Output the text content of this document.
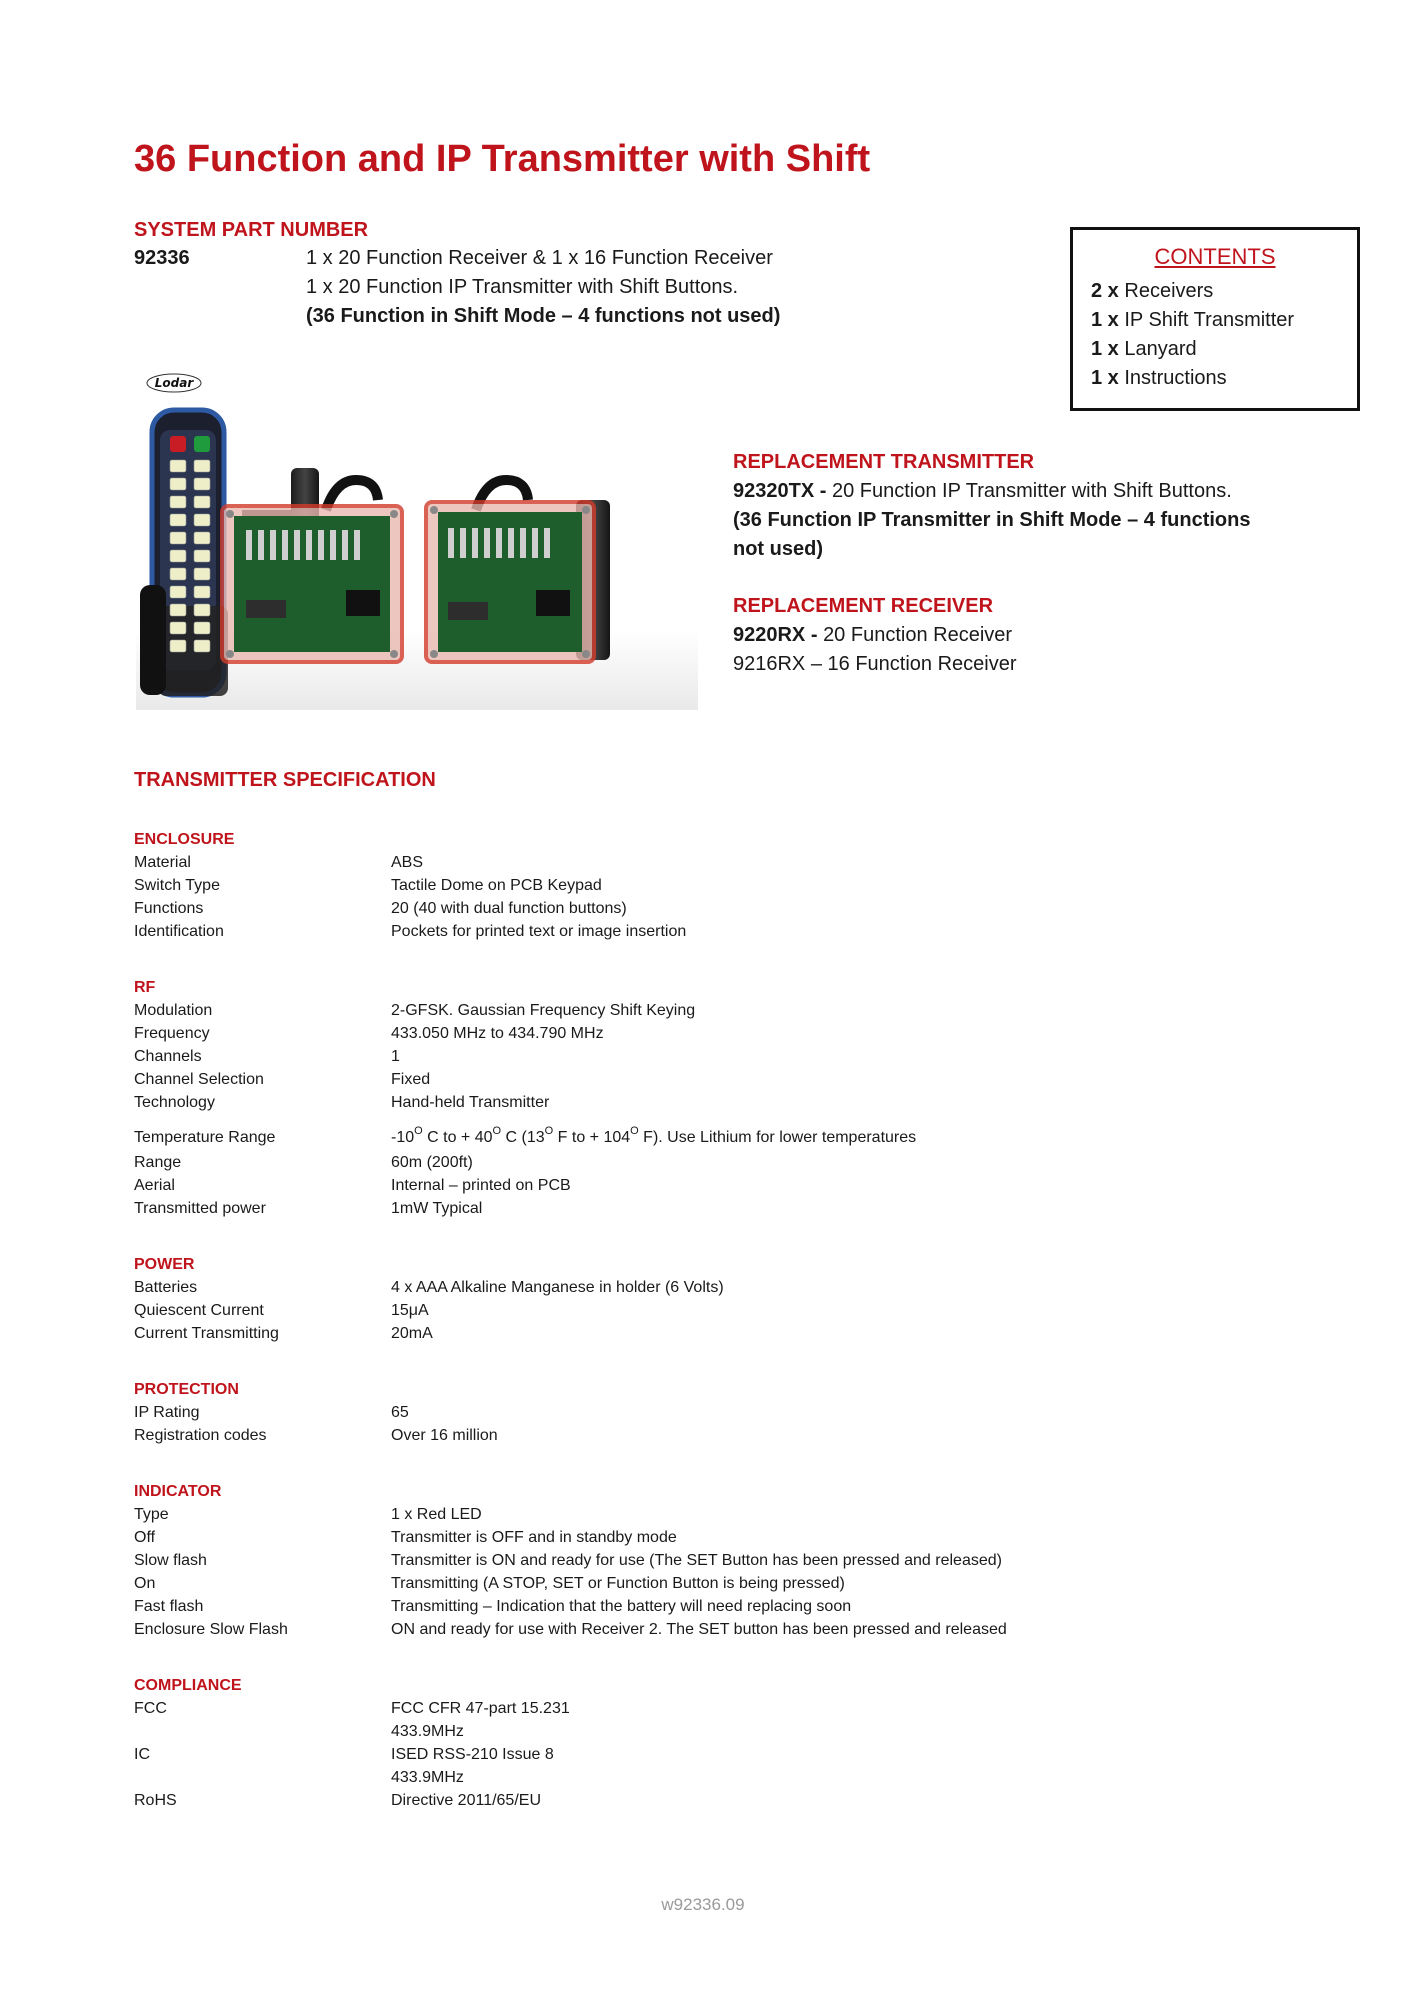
36 Function and IP Transmitter with Shift
SYSTEM PART NUMBER
92336	1 x 20 Function Receiver & 1 x 16 Function Receiver
1 x 20 Function IP Transmitter with Shift Buttons.
(36 Function in Shift Mode – 4 functions not used)
CONTENTS
2 x Receivers
1 x IP Shift Transmitter
1 x Lanyard
1 x Instructions
Lodar
REPLACEMENT TRANSMITTER
92320TX - 20 Function IP Transmitter with Shift Buttons.
(36 Function IP Transmitter in Shift Mode – 4 functions
not used)
REPLACEMENT RECEIVER
9220RX - 20 Function Receiver
9216RX – 16 Function Receiver
TRANSMITTER SPECIFICATION
ENCLOSURE
Material	ABS
Switch Type	Tactile Dome on PCB Keypad
Functions	20 (40 with dual function buttons)
Identification	Pockets for printed text or image insertion
RF
Modulation	2-GFSK. Gaussian Frequency Shift Keying
Frequency	433.050 MHz to 434.790 MHz
Channels	1
Channel Selection	Fixed
Technology	Hand-held Transmitter
Temperature Range	$-10^O$ C to + $40^O$ C ($13^O$ F to + $104^O$ F). Use Lithium for lower temperatures
Range	60m (200ft)
Aerial	Internal – printed on PCB
Transmitted power	1mW Typical
POWER
Batteries	4 x AAA Alkaline Manganese in holder (6 Volts)
Quiescent Current	15μA
Current Transmitting	20mA
PROTECTION
IP Rating	65
Registration codes	Over 16 million
INDICATOR
Type	1 x Red LED
Off	Transmitter is OFF and in standby mode
Slow flash	Transmitter is ON and ready for use (The SET Button has been pressed and released)
On	Transmitting (A STOP, SET or Function Button is being pressed)
Fast flash	Transmitting – Indication that the battery will need replacing soon
Enclosure Slow Flash	ON and ready for use with Receiver 2. The SET button has been pressed and released
COMPLIANCE
FCC	FCC CFR 47-part 15.231
433.9MHz
IC	ISED RSS-210 Issue 8
433.9MHz
RoHS	Directive 2011/65/EU
w92336.09
